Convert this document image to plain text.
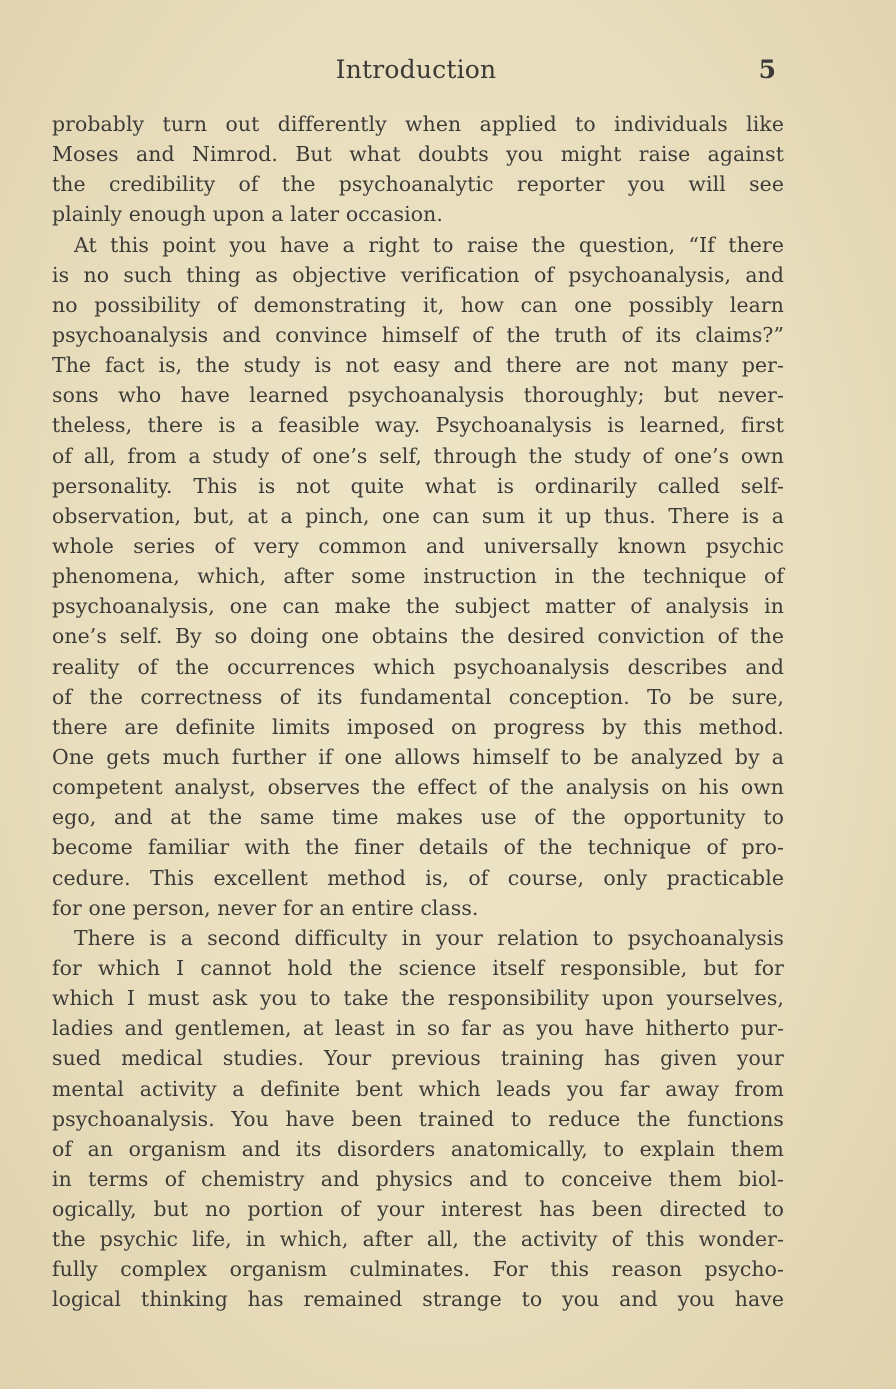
Introduction	5
probably turn out differently when applied to individuals like
Moses and Nimrod. But what doubts you might raise against
the credibility of the psychoanalytic reporter you will see
plainly enough upon a later occasion.
At this point you have a right to raise the question, “If there
is no such thing as objective verification of psychoanalysis, and
no possibility of demonstrating it, how can one possibly learn
psychoanalysis and convince himself of the truth of its claims?”
The fact is, the study is not easy and there are not many per-
sons who have learned psychoanalysis thoroughly; but never-
theless, there is a feasible way. Psychoanalysis is learned, first
of all, from a study of one’s self, through the study of one’s own
personality. This is not quite what is ordinarily called self-
observation, but, at a pinch, one can sum it up thus. There is a
whole series of very common and universally known psychic
phenomena, which, after some instruction in the technique of
psychoanalysis, one can make the subject matter of analysis in
one’s self. By so doing one obtains the desired conviction of the
reality of the occurrences which psychoanalysis describes and
of the correctness of its fundamental conception. To be sure,
there are definite limits imposed on progress by this method.
One gets much further if one allows himself to be analyzed by a
competent analyst, observes the effect of the analysis on his own
ego, and at the same time makes use of the opportunity to
become familiar with the finer details of the technique of pro-
cedure. This excellent method is, of course, only practicable
for one person, never for an entire class.
There is a second difficulty in your relation to psychoanalysis
for which I cannot hold the science itself responsible, but for
which I must ask you to take the responsibility upon yourselves,
ladies and gentlemen, at least in so far as you have hitherto pur-
sued medical studies. Your previous training has given your
mental activity a definite bent which leads you far away from
psychoanalysis. You have been trained to reduce the functions
of an organism and its disorders anatomically, to explain them
in terms of chemistry and physics and to conceive them biol-
ogically, but no portion of your interest has been directed to
the psychic life, in which, after all, the activity of this wonder-
fully complex organism culminates. For this reason psycho-
logical thinking has remained strange to you and you have
